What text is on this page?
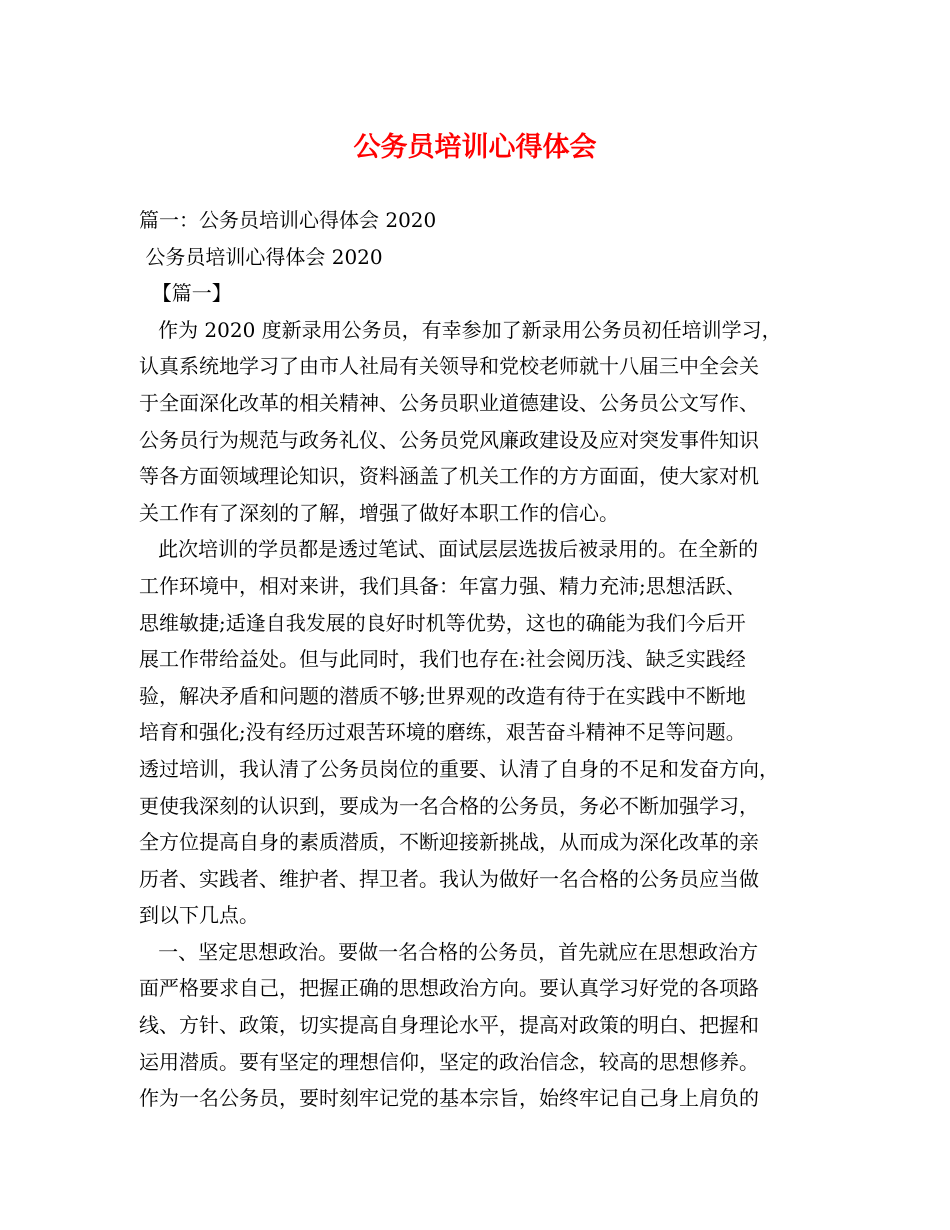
公务员培训心得体会

篇一：公务员培训心得体会 2020

公务员培训心得体会 2020

【篇一】

作为 2020 度新录用公务员，有幸参加了新录用公务员初任培训学习，

认真系统地学习了由市人社局有关领导和党校老师就十八届三中全会关

于全面深化改革的相关精神、公务员职业道德建设、公务员公文写作、

公务员行为规范与政务礼仪、公务员党风廉政建设及应对突发事件知识

等各方面领域理论知识，资料涵盖了机关工作的方方面面，使大家对机

关工作有了深刻的了解，增强了做好本职工作的信心。

此次培训的学员都是透过笔试、面试层层选拔后被录用的。在全新的

工作环境中，相对来讲，我们具备：年富力强、精力充沛;思想活跃、

思维敏捷;适逢自我发展的良好时机等优势，这也的确能为我们今后开

展工作带给益处。但与此同时，我们也存在:社会阅历浅、缺乏实践经

验，解决矛盾和问题的潜质不够;世界观的改造有待于在实践中不断地

培育和强化;没有经历过艰苦环境的磨练，艰苦奋斗精神不足等问题。

透过培训，我认清了公务员岗位的重要、认清了自身的不足和发奋方向，

更使我深刻的认识到，要成为一名合格的公务员，务必不断加强学习，

全方位提高自身的素质潜质，不断迎接新挑战，从而成为深化改革的亲

历者、实践者、维护者、捍卫者。我认为做好一名合格的公务员应当做

到以下几点。

一、坚定思想政治。要做一名合格的公务员，首先就应在思想政治方

面严格要求自己，把握正确的思想政治方向。要认真学习好党的各项路

线、方针、政策，切实提高自身理论水平，提高对政策的明白、把握和

运用潜质。要有坚定的理想信仰，坚定的政治信念，较高的思想修养。

作为一名公务员，要时刻牢记党的基本宗旨，始终牢记自己身上肩负的
